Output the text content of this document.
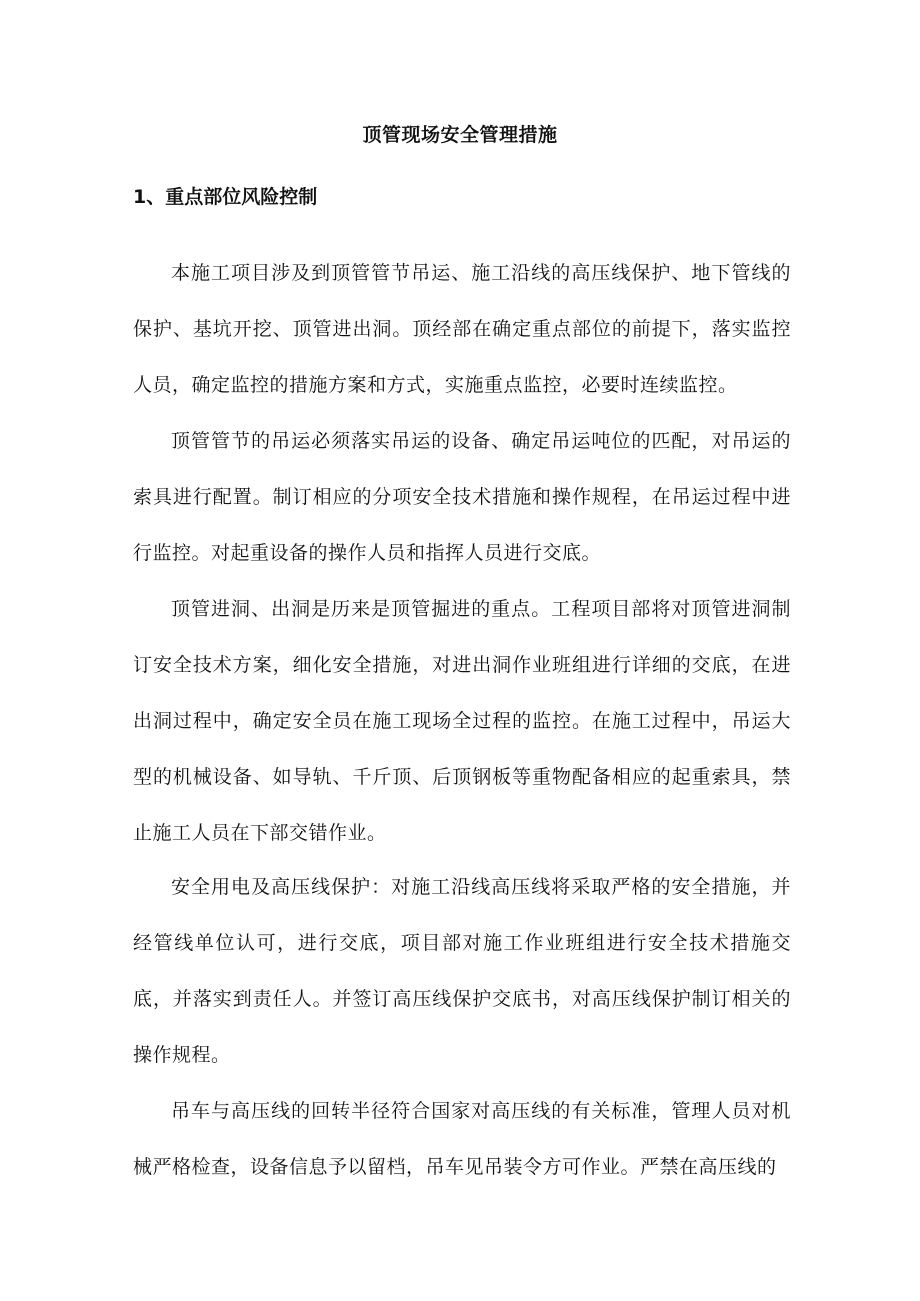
顶管现场安全管理措施
1、重点部位风险控制

本施工项目涉及到顶管管节吊运、施工沿线的高压线保护、地下管线的保护、基坑开挖、顶管进出洞。顶经部在确定重点部位的前提下，落实监控人员，确定监控的措施方案和方式，实施重点监控，必要时连续监控。

顶管管节的吊运必须落实吊运的设备、确定吊运吨位的匹配，对吊运的索具进行配置。制订相应的分项安全技术措施和操作规程，在吊运过程中进行监控。对起重设备的操作人员和指挥人员进行交底。

顶管进洞、出洞是历来是顶管掘进的重点。工程项目部将对顶管进洞制订安全技术方案，细化安全措施，对进出洞作业班组进行详细的交底，在进出洞过程中，确定安全员在施工现场全过程的监控。在施工过程中，吊运大型的机械设备、如导轨、千斤顶、后顶钢板等重物配备相应的起重索具，禁止施工人员在下部交错作业。

安全用电及高压线保护：对施工沿线高压线将采取严格的安全措施，并经管线单位认可，进行交底，项目部对施工作业班组进行安全技术措施交底，并落实到责任人。并签订高压线保护交底书，对高压线保护制订相关的操作规程。

吊车与高压线的回转半径符合国家对高压线的有关标准，管理人员对机械严格检查，设备信息予以留档，吊车见吊装令方可作业。严禁在高压线的
